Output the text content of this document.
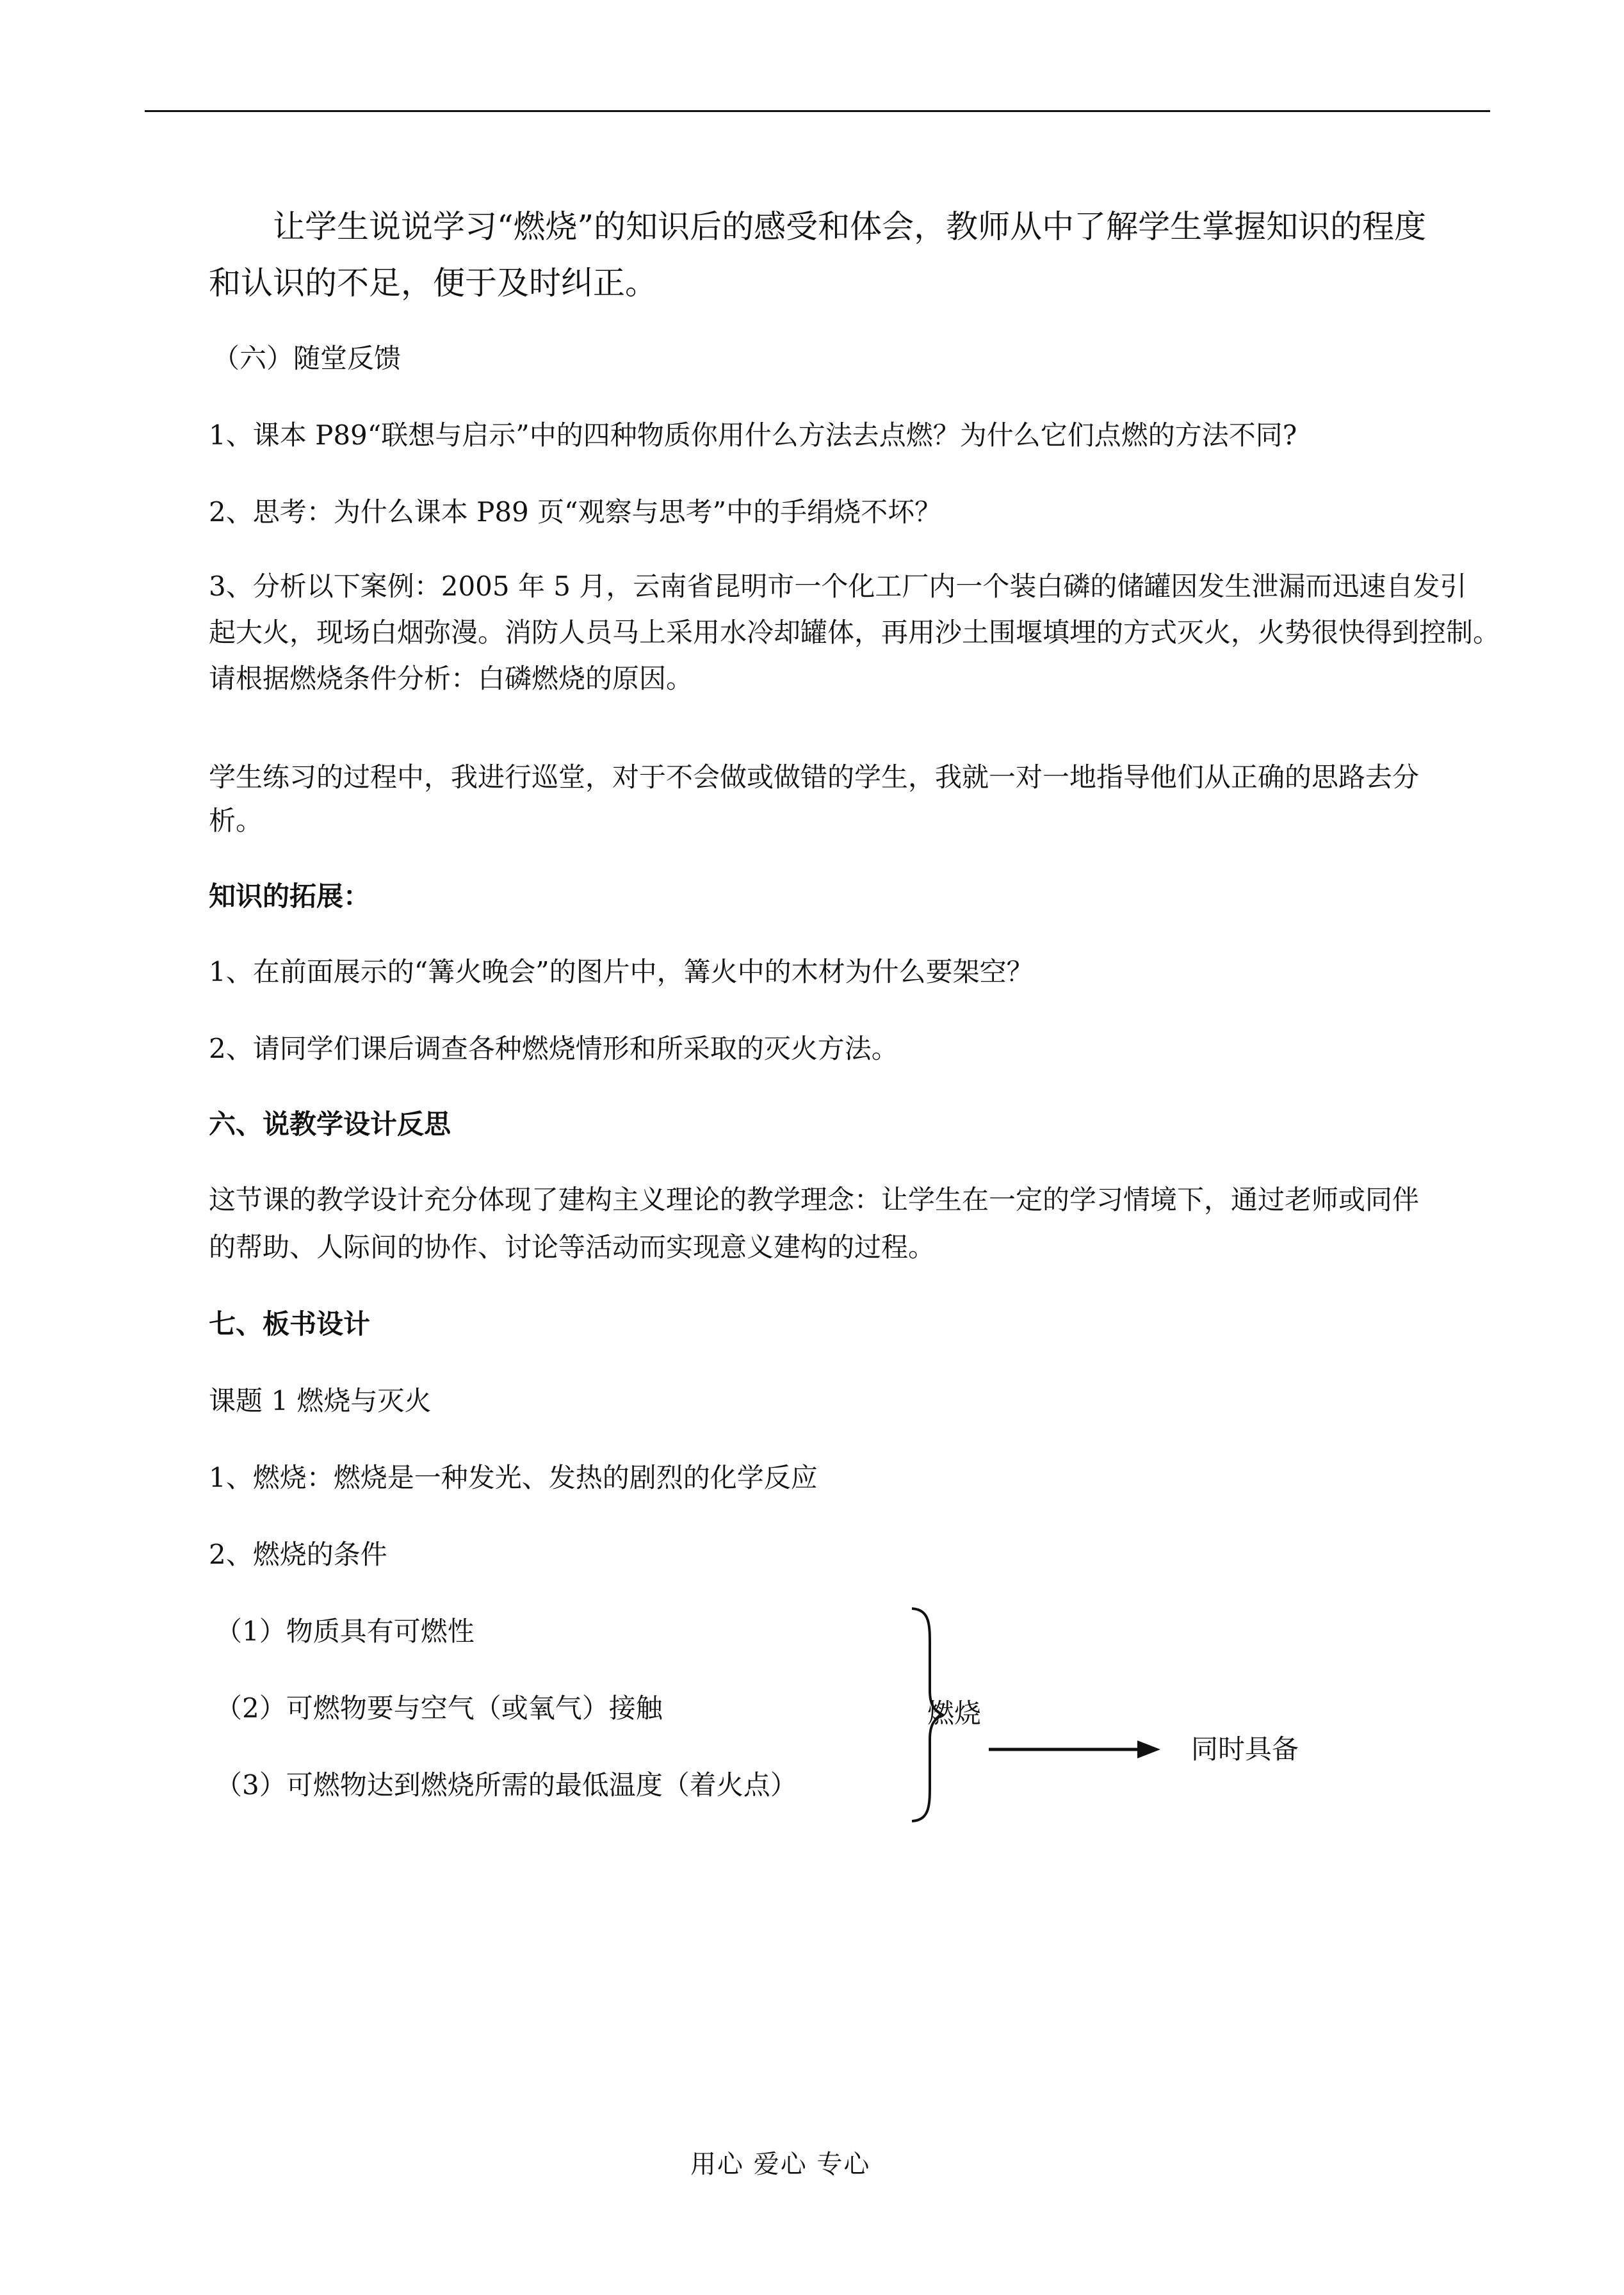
让学生说说学习“燃烧”的知识后的感受和体会，教师从中了解学生掌握知识的程度
和认识的不足，便于及时纠正。
（六）随堂反馈
1、课本 P89“联想与启示”中的四种物质你用什么方法去点燃？为什么它们点燃的方法不同?
2、思考：为什么课本 P89 页“观察与思考”中的手绢烧不坏？
3、分析以下案例：2005 年 5 月，云南省昆明市一个化工厂内一个装白磷的储罐因发生泄漏而迅速自发引
起大火，现场白烟弥漫。消防人员马上采用水冷却罐体，再用沙土围堰填埋的方式灭火，火势很快得到控制。
请根据燃烧条件分析：白磷燃烧的原因。
学生练习的过程中，我进行巡堂，对于不会做或做错的学生，我就一对一地指导他们从正确的思路去分
析。
知识的拓展：
1、在前面展示的“篝火晚会”的图片中，篝火中的木材为什么要架空？
2、请同学们课后调查各种燃烧情形和所采取的灭火方法。
六、说教学设计反思
这节课的教学设计充分体现了建构主义理论的教学理念：让学生在一定的学习情境下，通过老师或同伴
的帮助、人际间的协作、讨论等活动而实现意义建构的过程。
七、板书设计
课题 1 燃烧与灭火
1、燃烧：燃烧是一种发光、发热的剧烈的化学反应
2、燃烧的条件
（1）物质具有可燃性
（2）可燃物要与空气（或氧气）接触
（3）可燃物达到燃烧所需的最低温度（着火点）
燃烧
同时具备
用心 爱心 专心
